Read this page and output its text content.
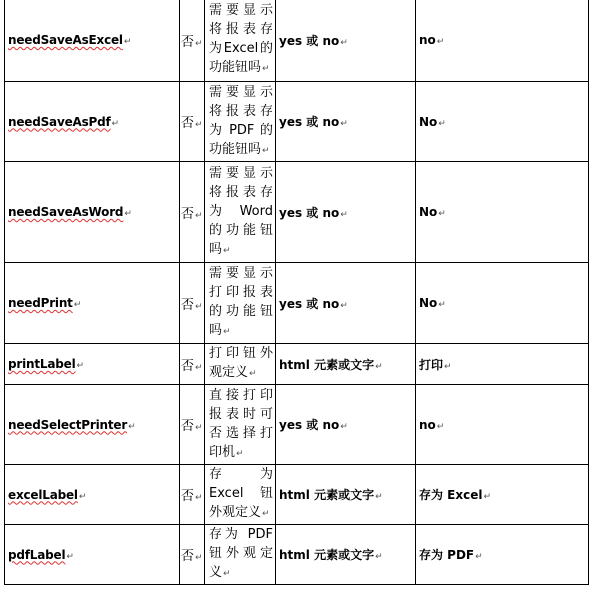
needSaveAsExcel↵	否↵	需要显示将报表存为Excel的功能钮吗↵	yes 或 no↵	no↵
needSaveAsPdf↵	否↵	需要显示将报表存为 PDF 的功能钮吗↵	yes 或 no↵	No↵
needSaveAsWord↵	否↵	需要显示将报表存为 Word 的功能钮吗↵	yes 或 no↵	No↵
needPrint↵	否↵	需要显示打印报表的功能钮吗↵	yes 或 no↵	No↵
printLabel↵	否↵	打印钮外观定义↵	html 元素或文字↵	打印↵
needSelectPrinter↵	否↵	直接打印报表时可否选择打印机↵	yes 或 no↵	no↵
excelLabel↵	否↵	存为 Excel 钮外观定义↵	html 元素或文字↵	存为 Excel↵
pdfLabel↵	否↵	存为 PDF 钮外观定义↵	html 元素或文字↵	存为 PDF↵
